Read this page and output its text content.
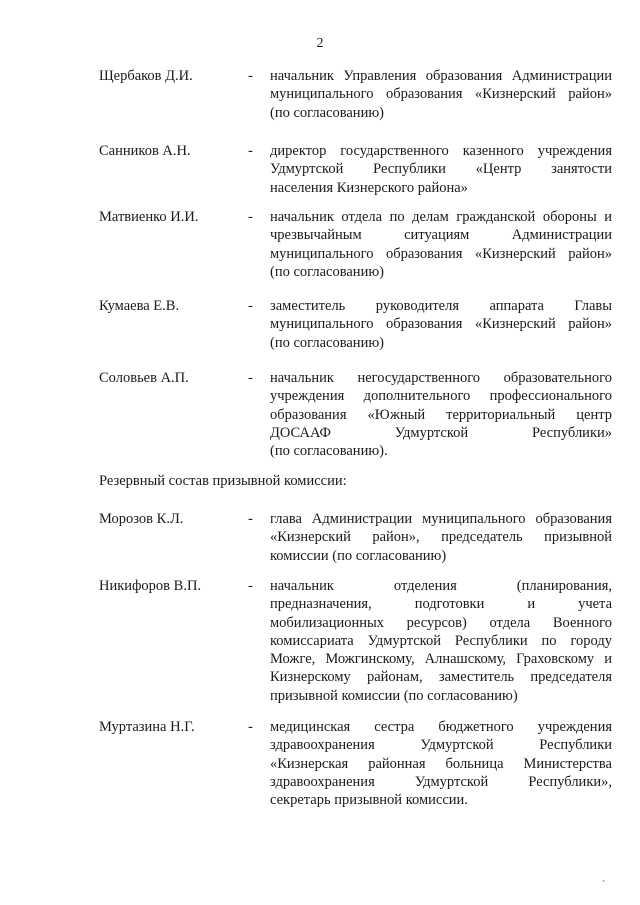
2
Щербаков Д.И.	- начальник Управления образования Администрации
муниципального образования «Кизнерский район»
(по согласованию)
Санников А.Н.	- директор государственного казенного учреждения
Удмуртской Республики «Центр занятости
населения Кизнерского района»
Матвиенко И.И.	- начальник отдела по делам гражданской обороны и
чрезвычайным ситуациям Администрации
муниципального образования «Кизнерский район»
(по согласованию)
Кумаева Е.В.	- заместитель руководителя аппарата Главы
муниципального образования «Кизнерский район»
(по согласованию)
Соловьев А.П.	- начальник негосударственного образовательного
учреждения дополнительного профессионального
образования «Южный территориальный центр
ДОСААФ Удмуртской Республики»
(по согласованию).
Резервный состав призывной комиссии:
Морозов К.Л.	- глава Администрации муниципального образования
«Кизнерский район», председатель призывной
комиссии (по согласованию)
Никифоров В.П.	- начальник отделения (планирования,
предназначения, подготовки и учета
мобилизационных ресурсов) отдела Военного
комиссариата Удмуртской Республики по городу
Можге, Можгинскому, Алнашскому, Граховскому и
Кизнерскому районам, заместитель председателя
призывной комиссии (по согласованию)
Муртазина Н.Г.	- медицинская сестра бюджетного учреждения
здравоохранения Удмуртской Республики
«Кизнерская районная больница Министерства
здравоохранения Удмуртской Республики»,
секретарь призывной комиссии.
`
